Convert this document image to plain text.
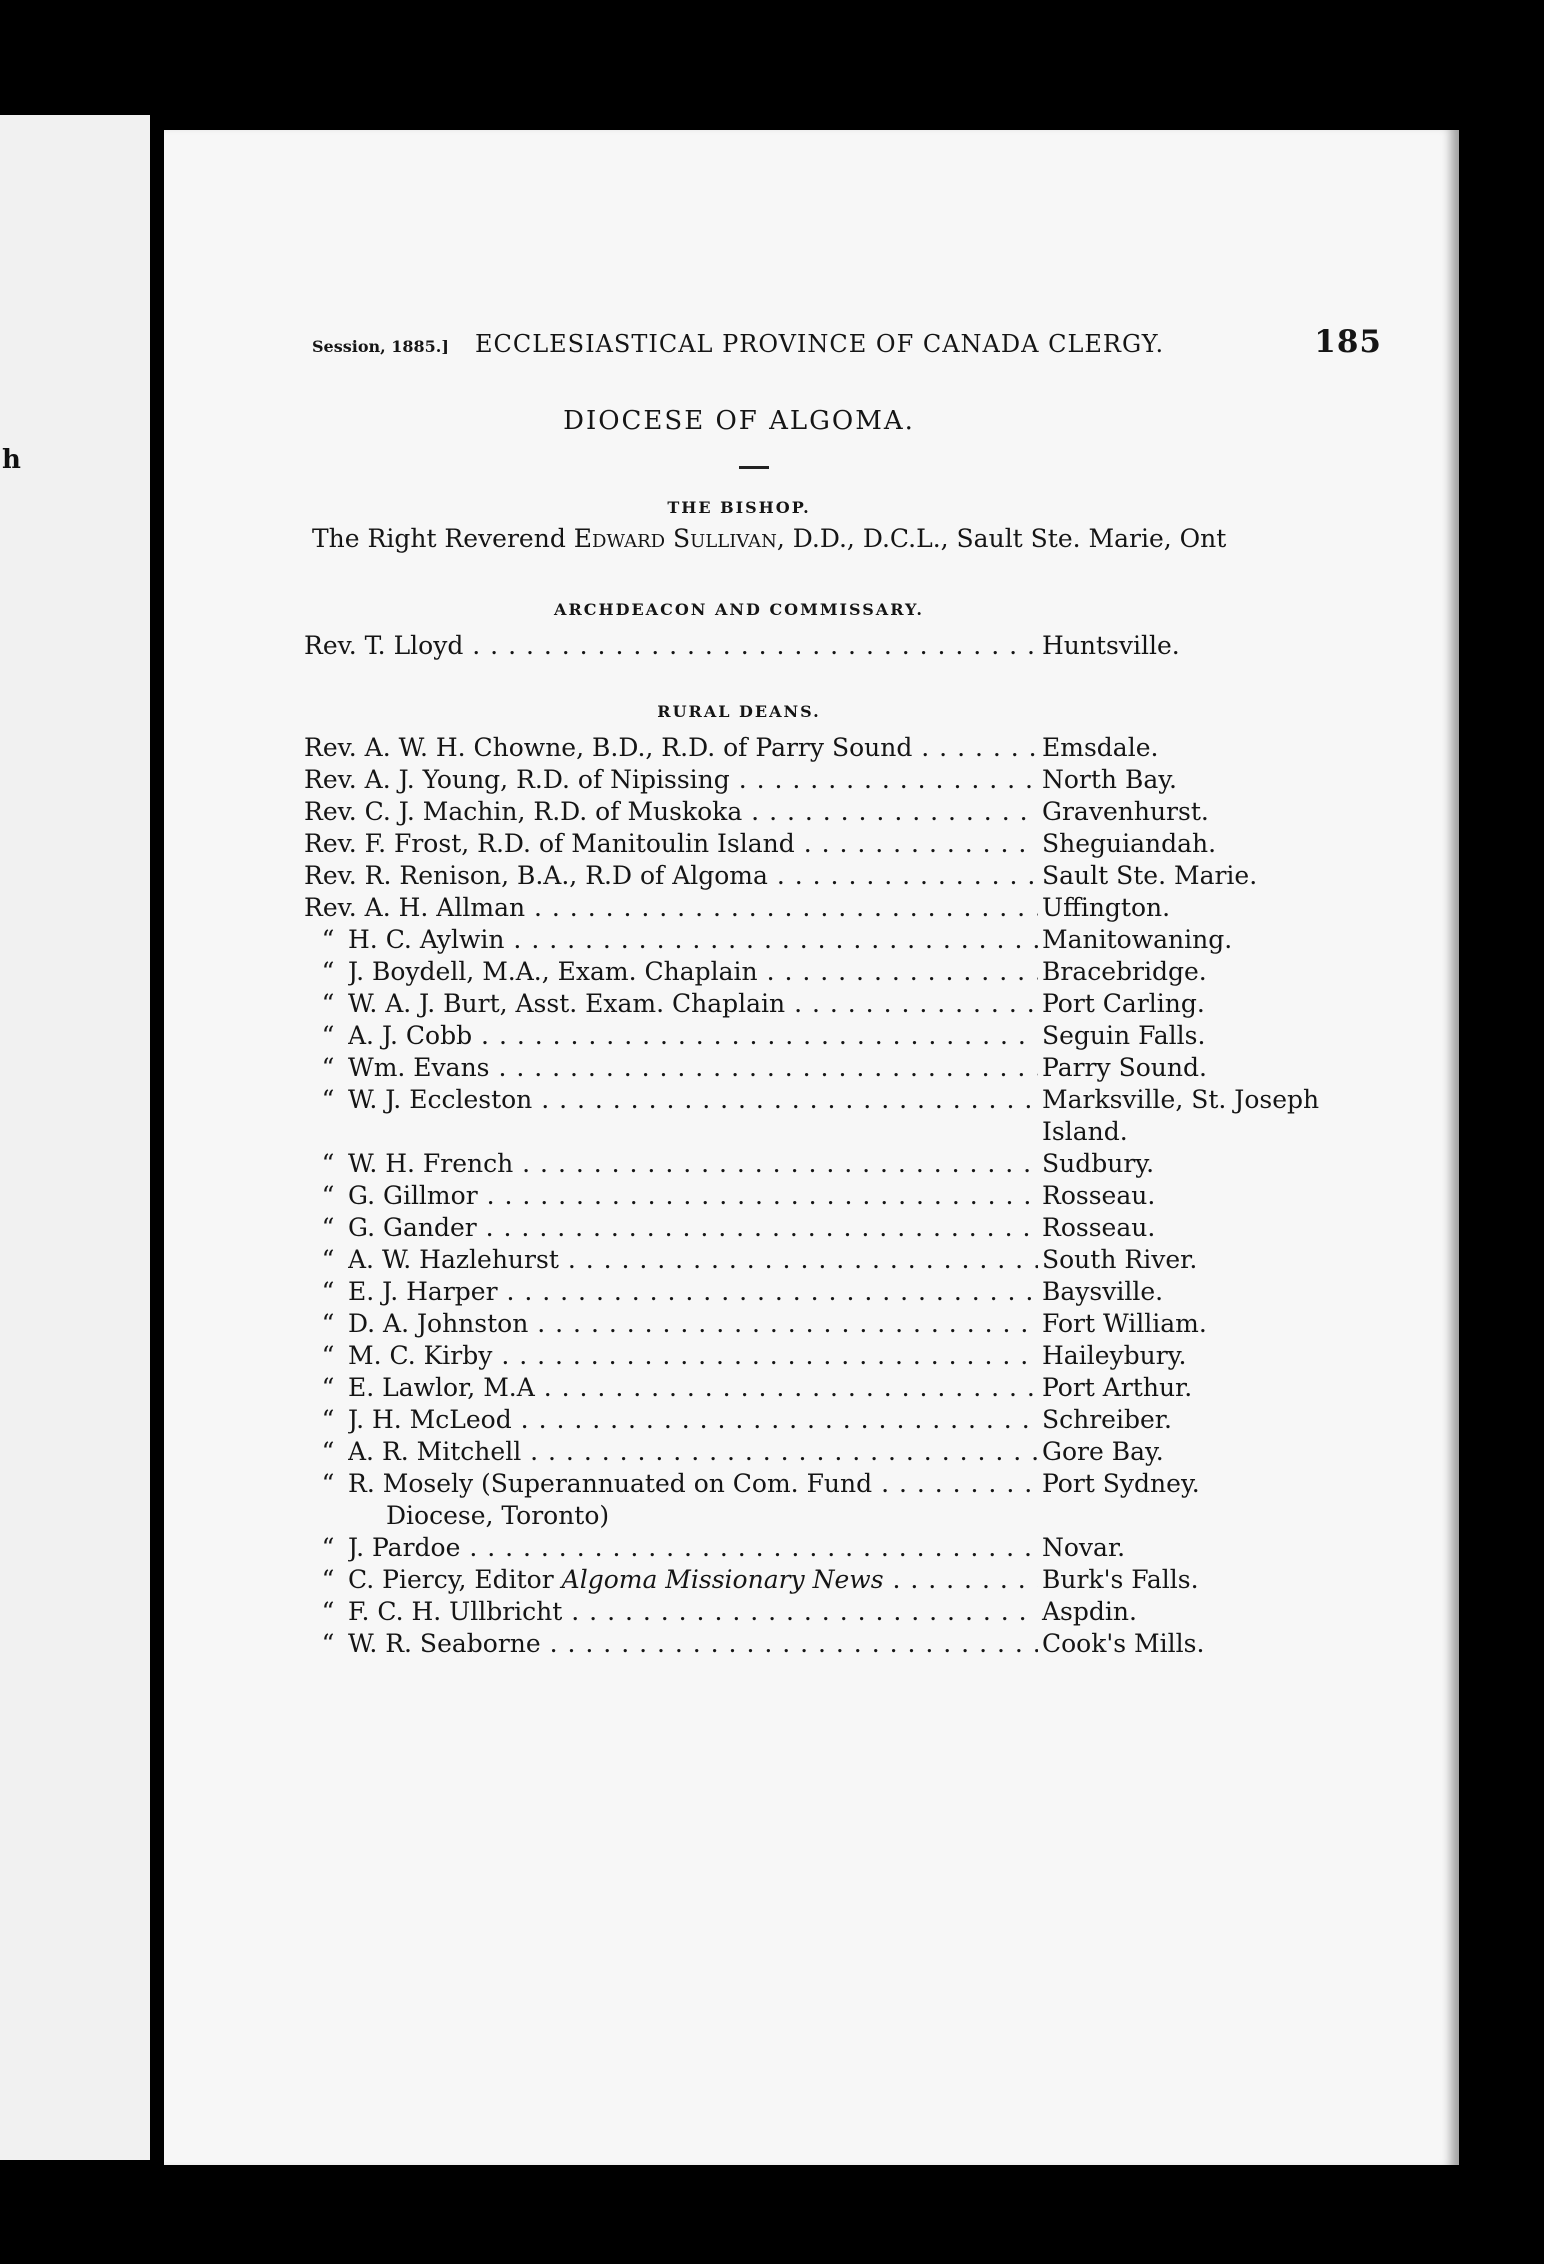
h
Session, 1885.] ECCLESIASTICAL PROVINCE OF CANADA CLERGY.	185
DIOCESE OF ALGOMA.
THE BISHOP.
The Right Reverend Edward Sullivan, D.D., D.C.L., Sault Ste. Marie, Ont
ARCHDEACON AND COMMISSARY.
Rev. T. Lloyd . . .	Huntsville.
RURAL DEANS.
Rev. A. W. H. Chowne, B.D., R.D. of Parry Sound . . .	Emsdale.
Rev. A. J. Young, R.D. of Nipissing . . .	North Bay.
Rev. C. J. Machin, R.D. of Muskoka . . .	Gravenhurst.
Rev. F. Frost, R.D. of Manitoulin Island . . .	Sheguiandah.
Rev. R. Renison, B.A., R.D of Algoma . . .	Sault Ste. Marie.
Rev. A. H. Allman . . .	Uffington.
“ H. C. Aylwin . . .	Manitowaning.
“ J. Boydell, M.A., Exam. Chaplain . . .	Bracebridge.
“ W. A. J. Burt, Asst. Exam. Chaplain . . .	Port Carling.
“ A. J. Cobb . . .	Seguin Falls.
“ Wm. Evans . . .	Parry Sound.
“ W. J. Eccleston . . .	Marksville, St. Joseph
Island.
“ W. H. French . . .	Sudbury.
“ G. Gillmor . . .	Rosseau.
“ G. Gander . . .	Rosseau.
“ A. W. Hazlehurst . . .	South River.
“ E. J. Harper . . .	Baysville.
“ D. A. Johnston . . .	Fort William.
“ M. C. Kirby . . .	Haileybury.
“ E. Lawlor, M.A . . .	Port Arthur.
“ J. H. McLeod . . .	Schreiber.
“ A. R. Mitchell . . .	Gore Bay.
“ R. Mosely (Superannuated on Com. Fund . . .	Port Sydney.
Diocese, Toronto)
“ J. Pardoe . . .	Novar.
“ C. Piercy, Editor Algoma Missionary News . . .	Burk's Falls.
“ F. C. H. Ullbricht . . .	Aspdin.
“ W. R. Seaborne . . .	Cook's Mills.
